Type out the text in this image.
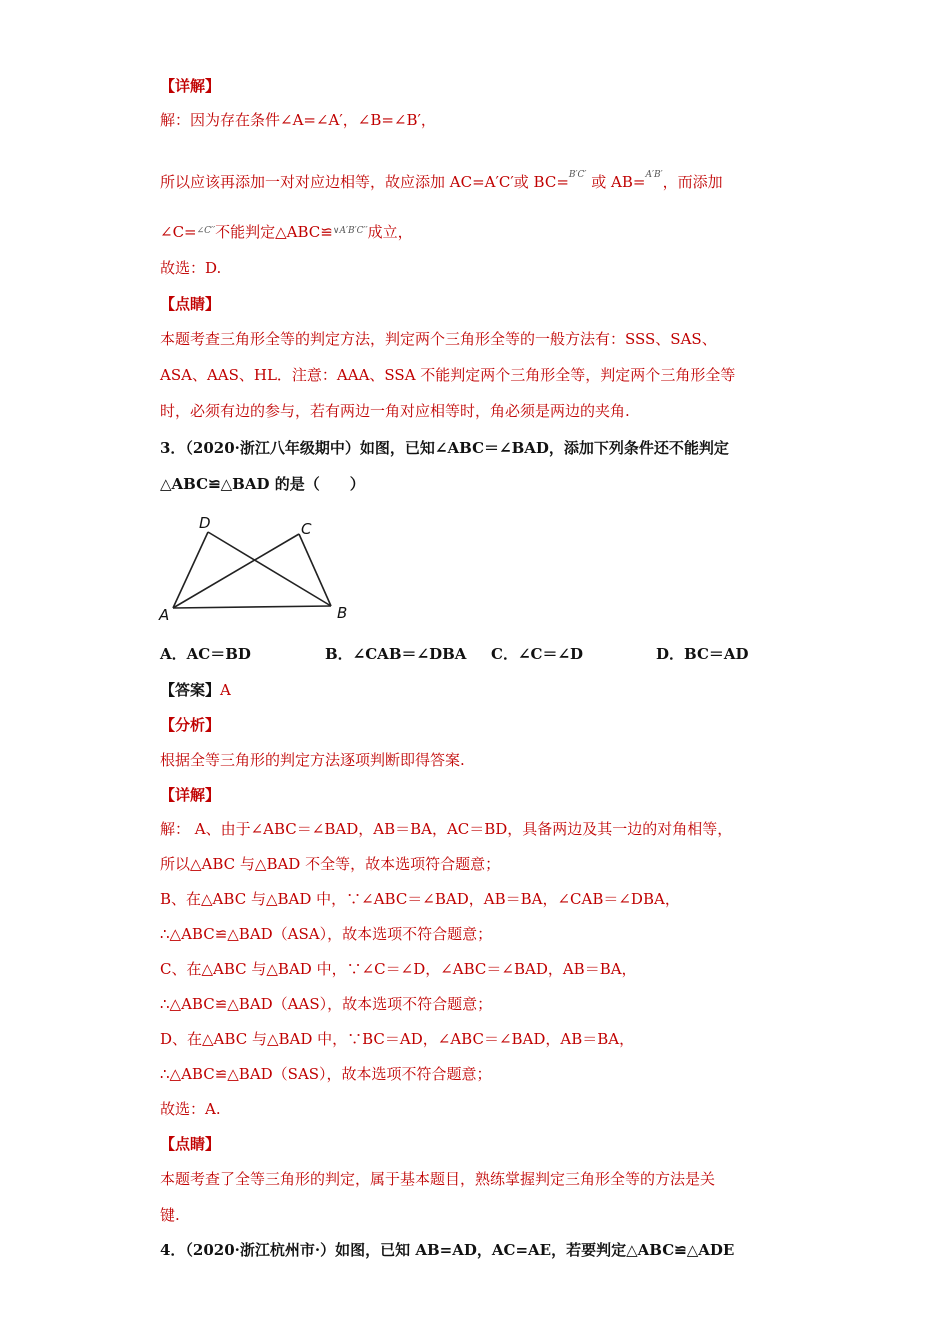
【详解】
解：因为存在条件∠A=∠A′，∠B=∠B′，
所以应该再添加一对对应边相等，故应添加 AC=A′C′或 BC=$^{B'C'}$ 或 AB=$^{A'B'}$，而添加
∠C=$^{\angle C''}$不能判定△ABC≌$^{\vee A'B'C''}$成立，
故选：D.
【点睛】
本题考查三角形全等的判定方法，判定两个三角形全等的一般方法有：SSS、SAS、
ASA、AAS、HL．注意：AAA、SSA 不能判定两个三角形全等，判定两个三角形全等
时，必须有边的参与，若有两边一角对应相等时，角必须是两边的夹角.
3．（2020·浙江八年级期中）如图，已知∠ABC＝∠BAD，添加下列条件还不能判定
△ABC≌△BAD 的是（　　）
A	B
C
D
A．AC＝BD	B．∠CAB＝∠DBA C．∠C＝∠D	D．BC＝AD
【答案】A
【分析】
根据全等三角形的判定方法逐项判断即得答案.
【详解】
解： A、由于∠ABC＝∠BAD，AB＝BA，AC＝BD，具备两边及其一边的对角相等，
所以△ABC 与△BAD 不全等，故本选项符合题意；
B、在△ABC 与△BAD 中，∵∠ABC＝∠BAD，AB＝BA，∠CAB＝∠DBA，
∴△ABC≌△BAD（ASA），故本选项不符合题意；
C、在△ABC 与△BAD 中，∵∠C＝∠D，∠ABC＝∠BAD，AB＝BA，
∴△ABC≌△BAD（AAS），故本选项不符合题意；
D、在△ABC 与△BAD 中，∵BC＝AD，∠ABC＝∠BAD，AB＝BA，
∴△ABC≌△BAD（SAS），故本选项不符合题意；
故选：A.
【点睛】
本题考查了全等三角形的判定，属于基本题目，熟练掌握判定三角形全等的方法是关
键.
4．（2020·浙江杭州市·）如图，已知 AB=AD，AC=AE，若要判定△ABC≌△ADE
